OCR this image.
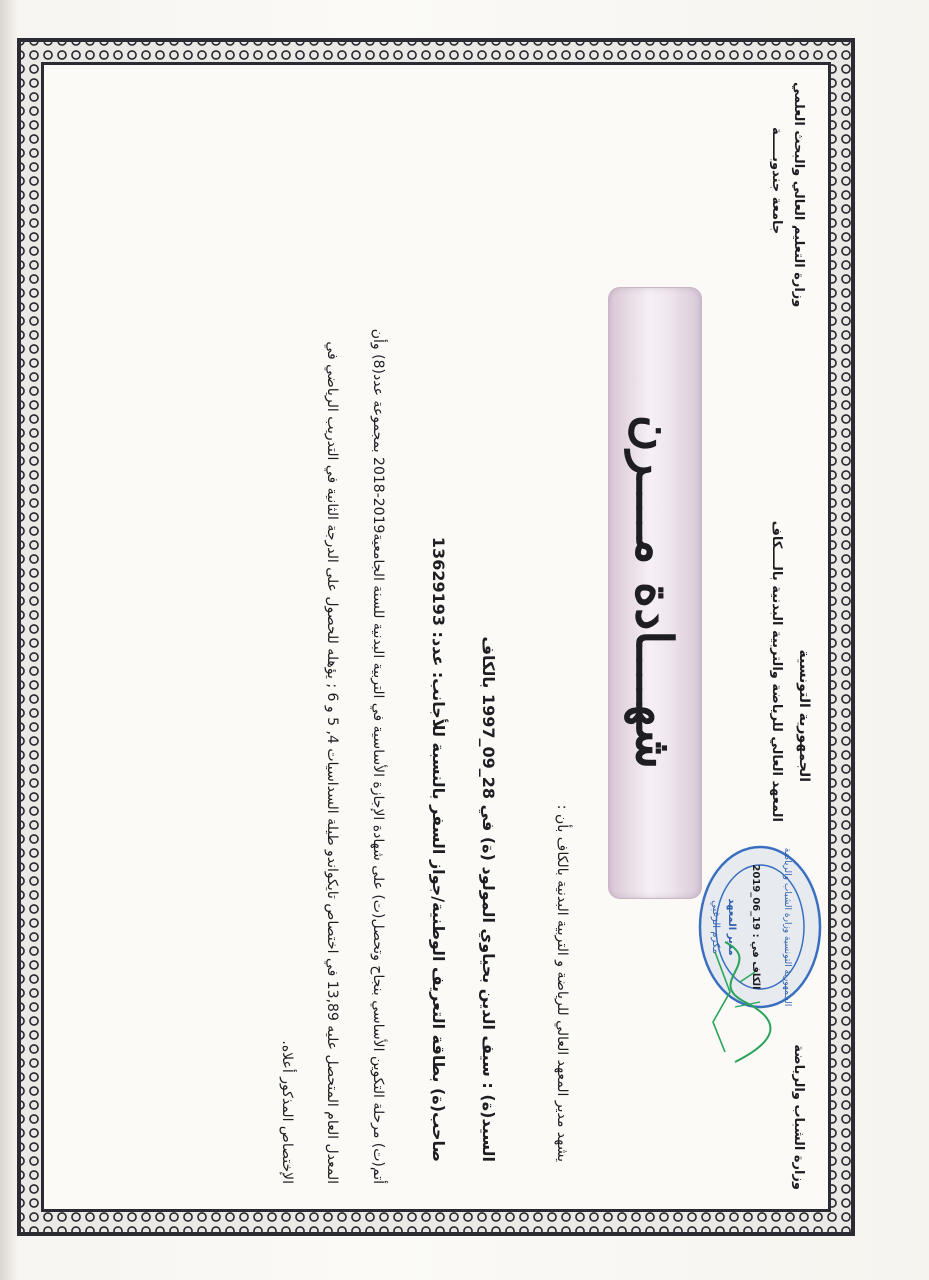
الجمهورية التونسية
وزارة الشباب والرياضة
المعهد العالي للرياضة والتربية البدنية بالــــكاف
وزارة التعليم العالي والبحث العلمي
جامعة جندوبـــــة
شهــــادة مــــرن
يشهد مدير المعهد العالي للرياضة و التربية البدنية بالكاف بأن :
السيد(ة) : سيف الدين بحياوي المولود (ة) في 28_09_1997 بالكاف
صاحب(ة) بطاقة التعريف الوطنية/جواز السفر بالنسبة للأجانب: عدد: 13629193
أتم(ت) مرحلة التكوين الأساسي بنجاح وتحصل(ت) على شهادة الإجازة الأساسية في التربية البدنية للسنة الجامعية2019-2018 بمجموعة عدد(8) وأن
المعدل العام المتحصل عليه 13,89 في اختصاص تايكواندو طيلة السداسيات 4, 5 و 6 ; يؤهله للحصول على الدرجة الثانية في التدريب الرياضي في
الإختصاص المذكور أعلاه.
الجمهورية التونسية وزارة الشباب والرياضة
الكاف في : 19_06_2019
مدير المعهد
مكرم الزغبي
